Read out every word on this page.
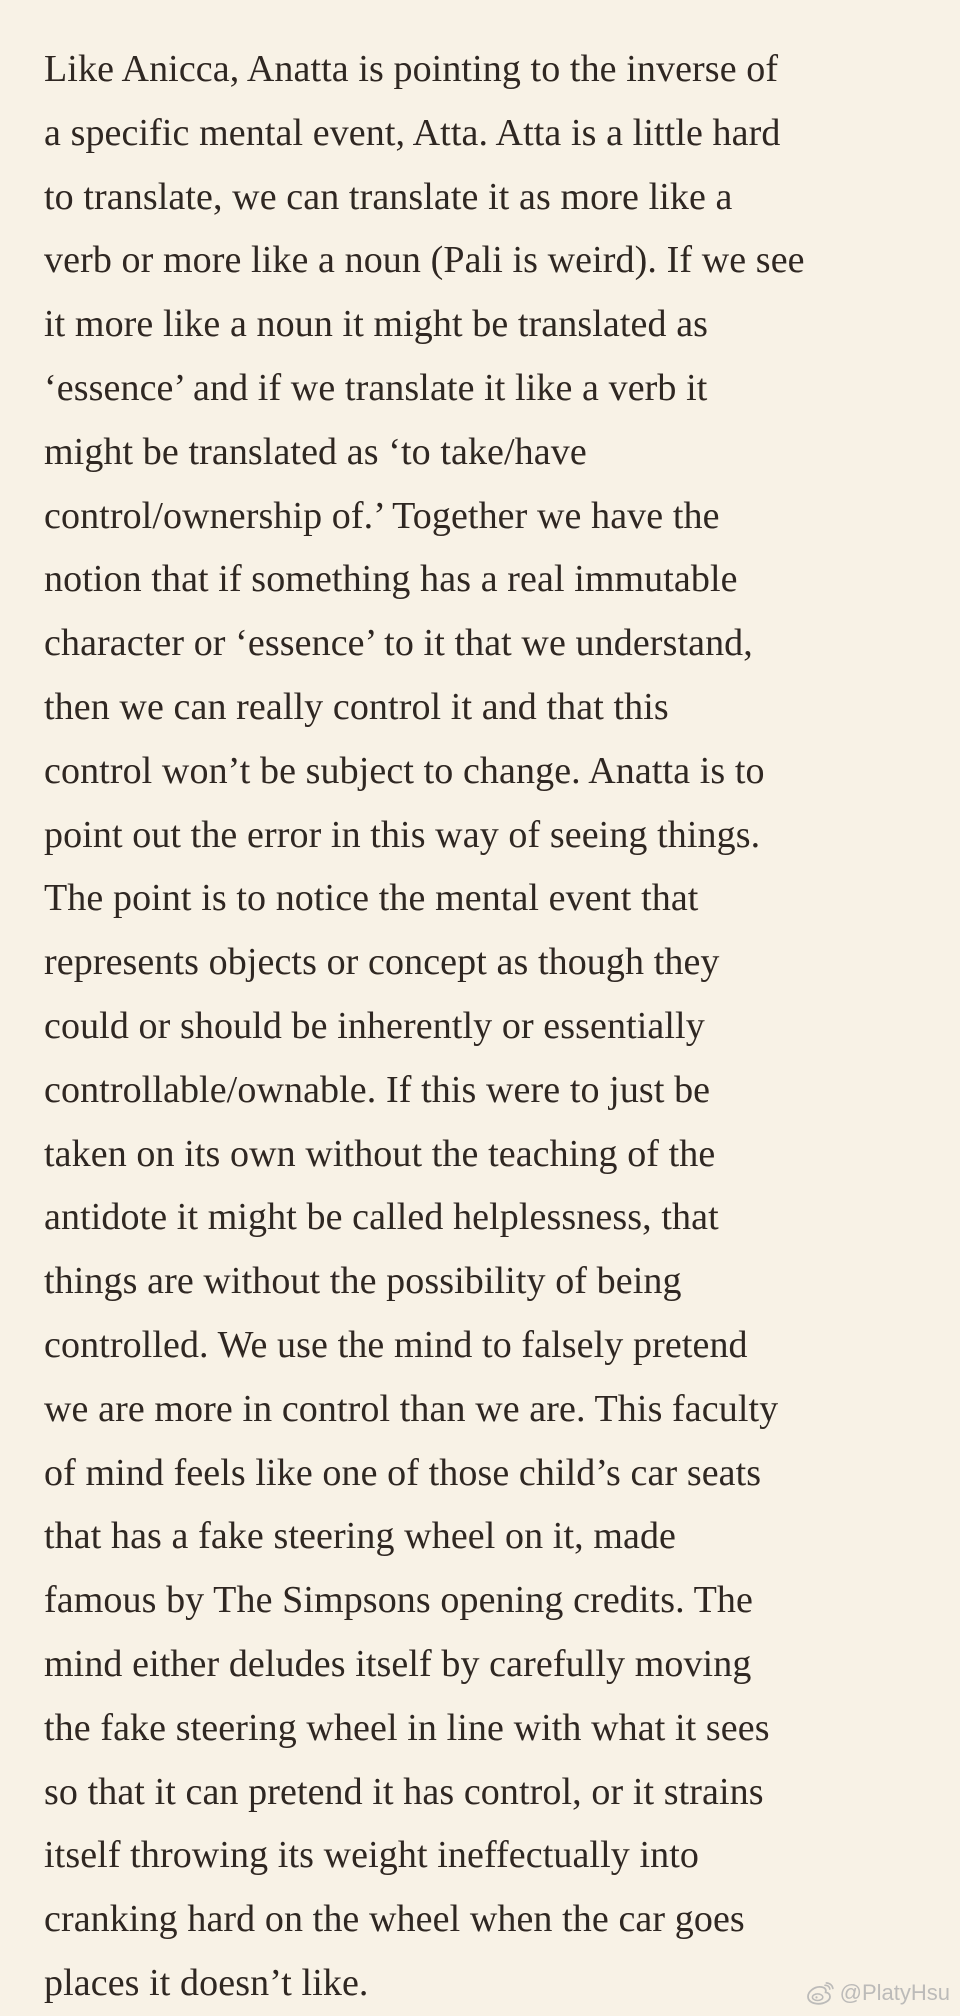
Like Anicca, Anatta is pointing to the inverse of
a specific mental event, Atta. Atta is a little hard
to translate, we can translate it as more like a
verb or more like a noun (Pali is weird). If we see
it more like a noun it might be translated as
‘essence’ and if we translate it like a verb it
might be translated as ‘to take/have
control/ownership of.’ Together we have the
notion that if something has a real immutable
character or ‘essence’ to it that we understand,
then we can really control it and that this
control won’t be subject to change. Anatta is to
point out the error in this way of seeing things.
The point is to notice the mental event that
represents objects or concept as though they
could or should be inherently or essentially
controllable/ownable. If this were to just be
taken on its own without the teaching of the
antidote it might be called helplessness, that
things are without the possibility of being
controlled. We use the mind to falsely pretend
we are more in control than we are. This faculty
of mind feels like one of those child’s car seats
that has a fake steering wheel on it, made
famous by The Simpsons opening credits. The
mind either deludes itself by carefully moving
the fake steering wheel in line with what it sees
so that it can pretend it has control, or it strains
itself throwing its weight ineffectually into
cranking hard on the wheel when the car goes
places it doesn’t like.	@PlatyHsu
